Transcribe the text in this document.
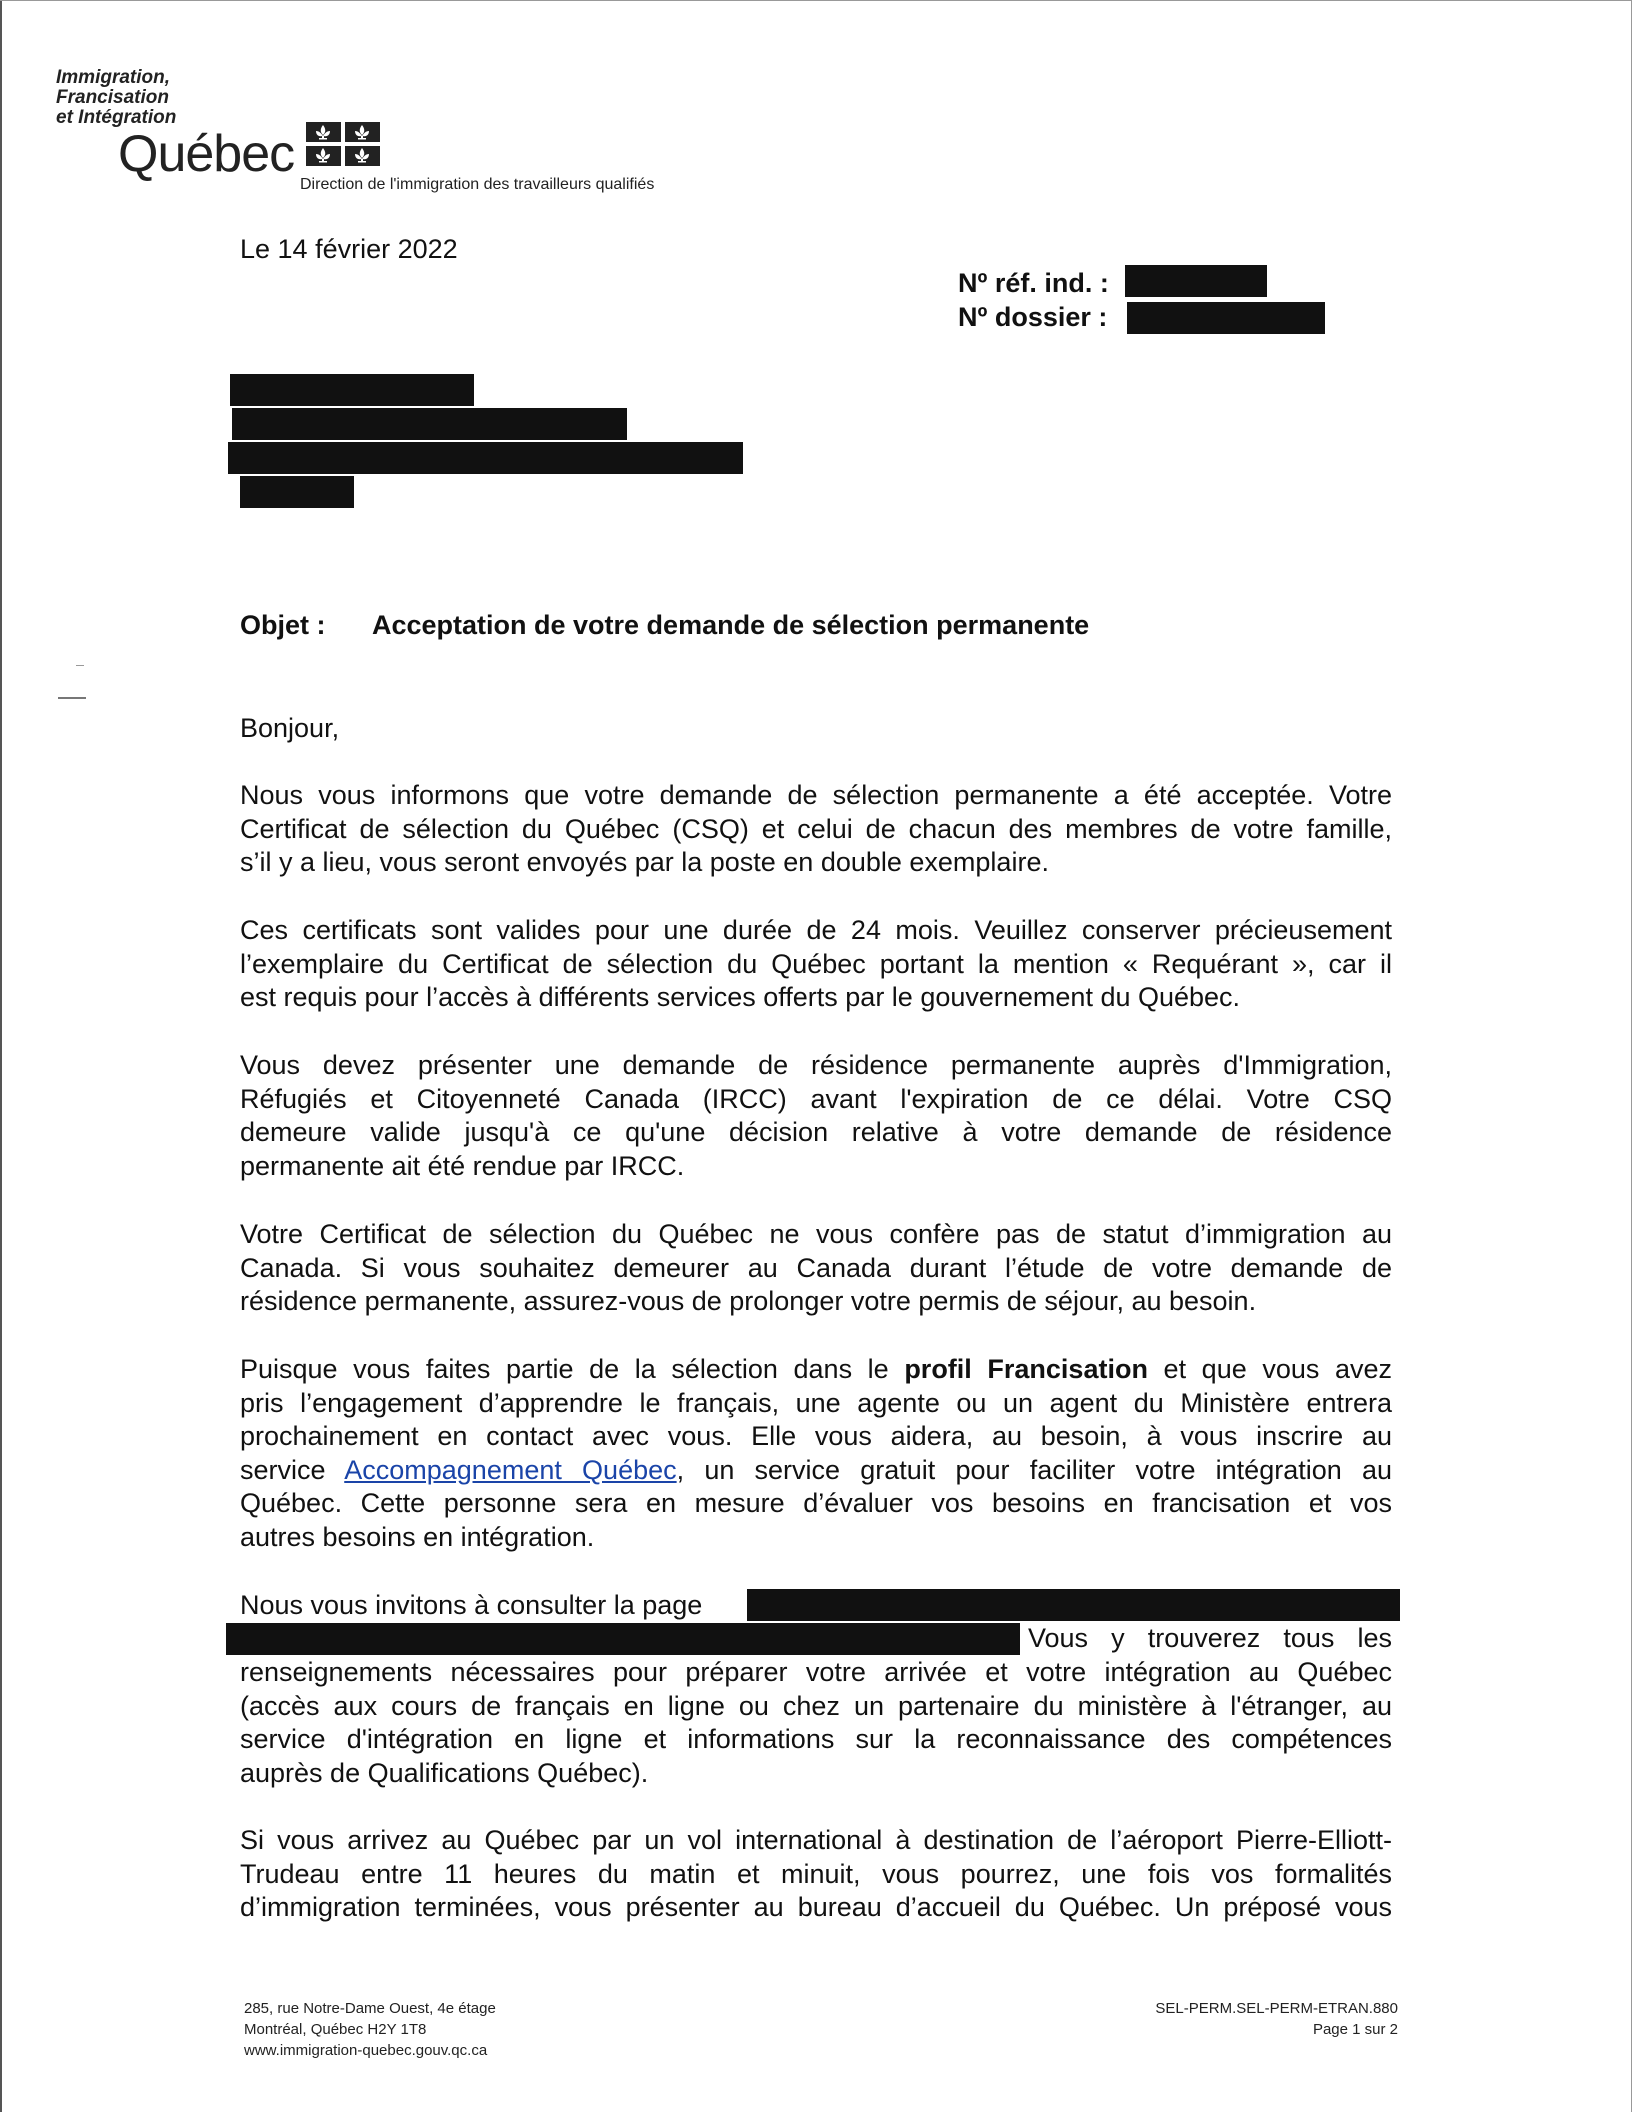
Immigration,
Francisation
et Intégration
Québec
Direction de l'immigration des travailleurs qualifiés
Le 14 février 2022
Nº réf. ind. :
Nº dossier :
Objet : Acceptation de votre demande de sélection permanente
Bonjour,
Nous vous informons que votre demande de sélection permanente a été acceptée. Votre
Certificat de sélection du Québec (CSQ) et celui de chacun des membres de votre famille,
s’il y a lieu, vous seront envoyés par la poste en double exemplaire.
Ces certificats sont valides pour une durée de 24 mois. Veuillez conserver précieusement
l’exemplaire du Certificat de sélection du Québec portant la mention « Requérant », car il
est requis pour l’accès à différents services offerts par le gouvernement du Québec.
Vous devez présenter une demande de résidence permanente auprès d'Immigration,
Réfugiés et Citoyenneté Canada (IRCC) avant l'expiration de ce délai. Votre CSQ
demeure valide jusqu'à ce qu'une décision relative à votre demande de résidence
permanente ait été rendue par IRCC.
Votre Certificat de sélection du Québec ne vous confère pas de statut d’immigration au
Canada. Si vous souhaitez demeurer au Canada durant l’étude de votre demande de
résidence permanente, assurez-vous de prolonger votre permis de séjour, au besoin.
Puisque vous faites partie de la sélection dans le profil Francisation et que vous avez
pris l’engagement d’apprendre le français, une agente ou un agent du Ministère entrera
prochainement en contact avec vous. Elle vous aidera, au besoin, à vous inscrire au
service Accompagnement Québec, un service gratuit pour faciliter votre intégration au
Québec. Cette personne sera en mesure d’évaluer vos besoins en francisation et vos
autres besoins en intégration.
Nous vous invitons à consulter la page
Vous y trouverez tous les
renseignements nécessaires pour préparer votre arrivée et votre intégration au Québec
(accès aux cours de français en ligne ou chez un partenaire du ministère à l'étranger, au
service d'intégration en ligne et informations sur la reconnaissance des compétences
auprès de Qualifications Québec).
Si vous arrivez au Québec par un vol international à destination de l’aéroport Pierre-Elliott-
Trudeau entre 11 heures du matin et minuit, vous pourrez, une fois vos formalités
d’immigration terminées, vous présenter au bureau d’accueil du Québec. Un préposé vous
285, rue Notre-Dame Ouest, 4e étage
Montréal, Québec H2Y 1T8
www.immigration-quebec.gouv.qc.ca
SEL-PERM.SEL-PERM-ETRAN.880
Page 1 sur 2
